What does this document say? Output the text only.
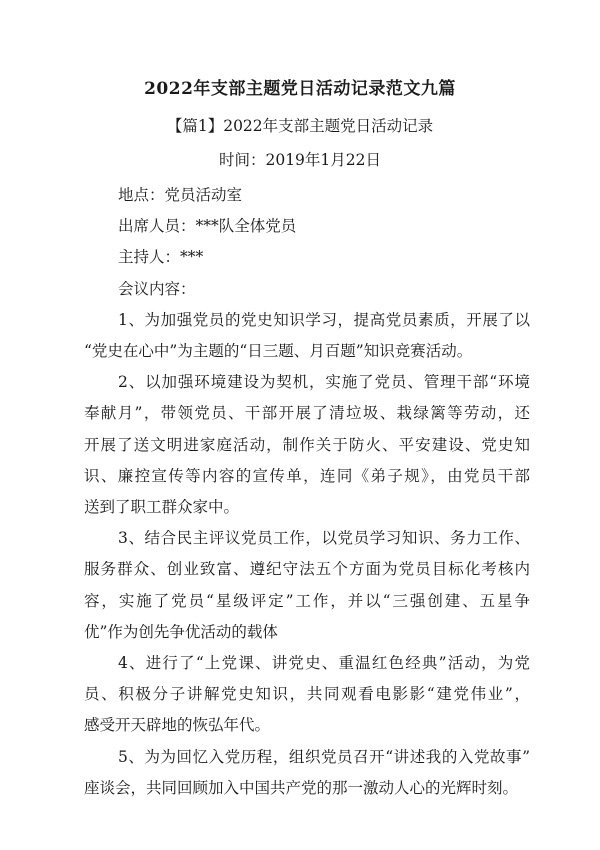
2022年支部主题党日活动记录范文九篇
【篇1】2022年支部主题党日活动记录
时间：2019年1月22日

地点：党员活动室

出席人员：***队全体党员

主持人：***

会议内容：

1、为加强党员的党史知识学习，提高党员素质，开展了以

“党史在心中”为主题的“日三题、月百题”知识竞赛活动。

2、以加强环境建设为契机，实施了党员、管理干部“环境

奉献月”，带领党员、干部开展了清垃圾、栽绿篱等劳动，还

开展了送文明进家庭活动，制作关于防火、平安建设、党史知

识、廉控宣传等内容的宣传单，连同《弟子规》，由党员干部

送到了职工群众家中。

3、结合民主评议党员工作，以党员学习知识、务力工作、

服务群众、创业致富、遵纪守法五个方面为党员目标化考核内

容，实施了党员“星级评定”工作，并以“三强创建、五星争

优”作为创先争优活动的载体

4、进行了“上党课、讲党史、重温红色经典”活动，为党

员、积极分子讲解党史知识，共同观看电影影“建党伟业”，

感受开天辟地的恢弘年代。

5、为为回忆入党历程，组织党员召开“讲述我的入党故事”

座谈会，共同回顾加入中国共产党的那一激动人心的光辉时刻。
